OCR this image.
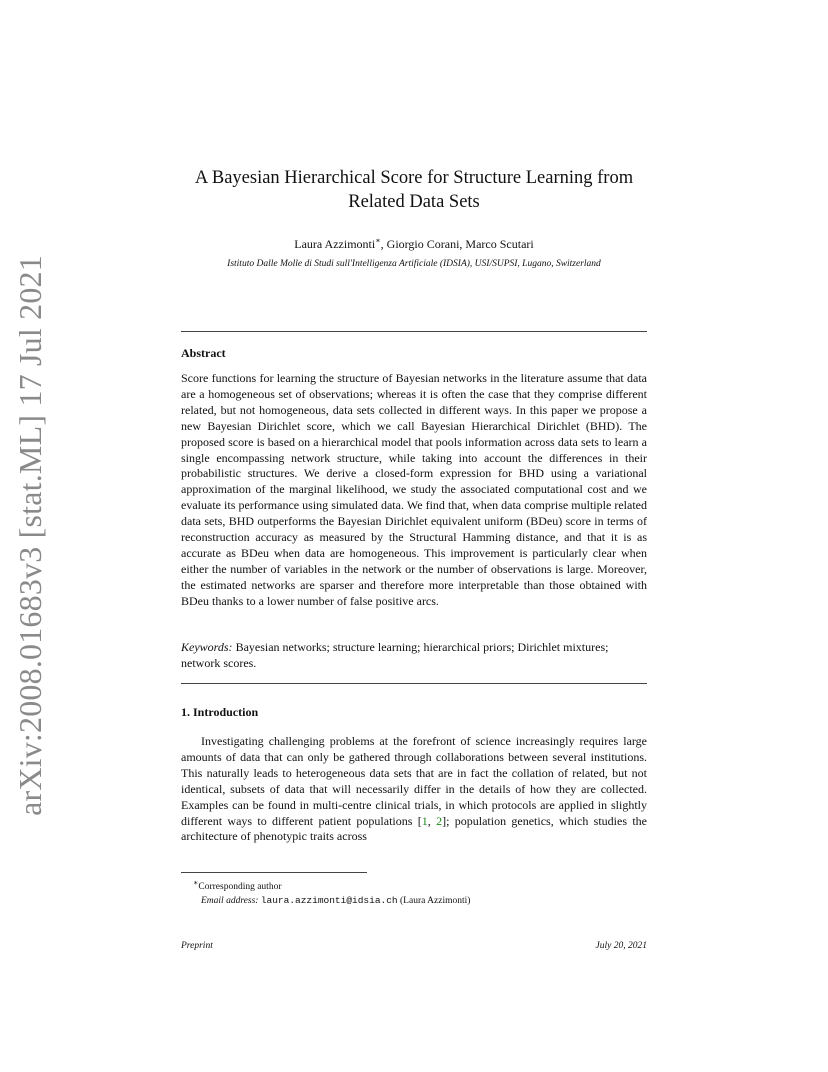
arXiv:2008.01683v3 [stat.ML] 17 Jul 2021
A Bayesian Hierarchical Score for Structure Learning from Related Data Sets
Laura Azzimonti∗, Giorgio Corani, Marco Scutari
Istituto Dalle Molle di Studi sull'Intelligenza Artificiale (IDSIA), USI/SUPSI, Lugano, Switzerland
Abstract

Score functions for learning the structure of Bayesian networks in the literature assume that data are a homogeneous set of observations; whereas it is often the case that they comprise different related, but not homogeneous, data sets collected in different ways. In this paper we propose a new Bayesian Dirichlet score, which we call Bayesian Hierarchical Dirichlet (BHD). The proposed score is based on a hierarchical model that pools information across data sets to learn a single encompassing network structure, while taking into account the differences in their probabilistic structures. We derive a closed-form expression for BHD using a variational approximation of the marginal likelihood, we study the associated computational cost and we evaluate its performance using simulated data. We find that, when data comprise multiple related data sets, BHD outperforms the Bayesian Dirichlet equivalent uniform (BDeu) score in terms of reconstruction accuracy as measured by the Structural Hamming distance, and that it is as accurate as BDeu when data are homogeneous. This improvement is particularly clear when either the number of variables in the network or the number of observations is large. Moreover, the estimated networks are sparser and therefore more interpretable than those obtained with BDeu thanks to a lower number of false positive arcs.

Keywords: Bayesian networks; structure learning; hierarchical priors; Dirichlet mixtures; network scores.

1. Introduction

Investigating challenging problems at the forefront of science increasingly requires large amounts of data that can only be gathered through collaborations between several institutions. This naturally leads to heterogeneous data sets that are in fact the collation of related, but not identical, subsets of data that will necessarily differ in the details of how they are collected. Examples can be found in multi-centre clinical trials, in which protocols are applied in slightly different ways to different patient populations [1, 2]; population genetics, which studies the architecture of phenotypic traits across

∗Corresponding author
Email address: laura.azzimonti@idsia.ch (Laura Azzimonti)
Preprint	July 20, 2021
